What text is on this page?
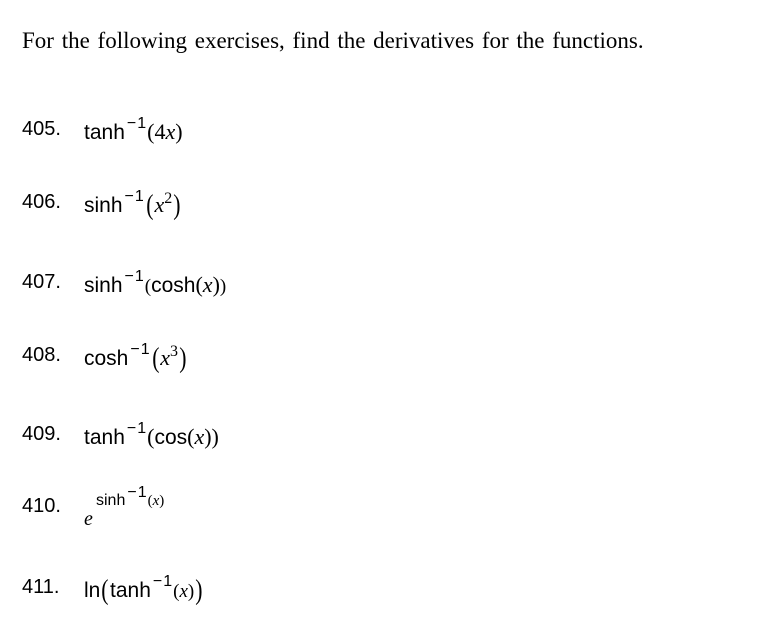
For the following exercises, find the derivatives for the functions.

405. tanh $^{-1}$(4x)
406. $\sinh ^{-1}(x^2)$
407. sinh $^{-1}$(cosh(x))
408. $\cosh ^{-1}(x^3)$
409. tanh $^{-1}$(cos(x))
410.
e
sinh −1(x)
411. ln(tanh $^{-1}$(x))
